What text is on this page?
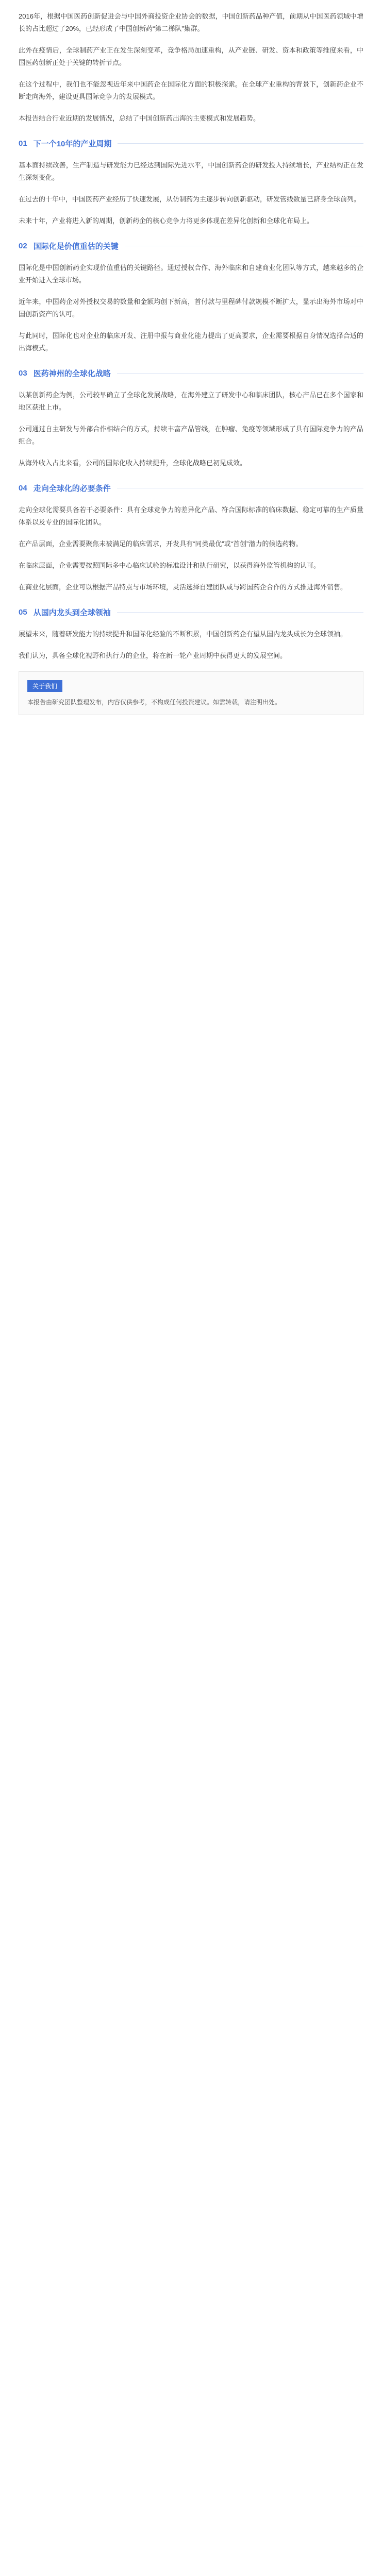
2016年，根据中国医药创新促进会与中国外商投资企业协会的数据，中国创新药品种产值，前期从中国医药领域中增长的占比超过了20%，已经形成了中国创新药“第二梯队”集群。

此外在疫情后，全球制药产业正在发生深刻变革，竞争格局加速重构，从产业链、研发、资本和政策等维度来看，中国医药创新正处于关键的转折节点。

在这个过程中，我们也不能忽视近年来中国药企在国际化方面的积极探索。在全球产业重构的背景下，创新药企业不断走向海外，建设更具国际竞争力的发展模式。

本报告结合行业近期的发展情况，总结了中国创新药出海的主要模式和发展趋势。

01 下一个10年的产业周期

基本面持续改善，生产制造与研发能力已经达到国际先进水平，中国创新药企的研发投入持续增长，产业结构正在发生深刻变化。

在过去的十年中，中国医药产业经历了快速发展，从仿制药为主逐步转向创新驱动，研发管线数量已跻身全球前列。

未来十年，产业将进入新的周期，创新药企的核心竞争力将更多体现在差异化创新和全球化布局上。

02 国际化是价值重估的关键

国际化是中国创新药企实现价值重估的关键路径。通过授权合作、海外临床和自建商业化团队等方式，越来越多的企业开始进入全球市场。

近年来，中国药企对外授权交易的数量和金额均创下新高，首付款与里程碑付款规模不断扩大，显示出海外市场对中国创新资产的认可。

与此同时，国际化也对企业的临床开发、注册申报与商业化能力提出了更高要求，企业需要根据自身情况选择合适的出海模式。

03 医药神州的全球化战略

以某创新药企为例，公司较早确立了全球化发展战略，在海外建立了研发中心和临床团队，核心产品已在多个国家和地区获批上市。

公司通过自主研发与外部合作相结合的方式，持续丰富产品管线，在肿瘤、免疫等领域形成了具有国际竞争力的产品组合。

从海外收入占比来看，公司的国际化收入持续提升，全球化战略已初见成效。

04 走向全球化的必要条件

走向全球化需要具备若干必要条件：具有全球竞争力的差异化产品、符合国际标准的临床数据、稳定可靠的生产质量体系以及专业的国际化团队。

在产品层面，企业需要聚焦未被满足的临床需求，开发具有“同类最优”或“首创”潜力的候选药物。

在临床层面，企业需要按照国际多中心临床试验的标准设计和执行研究，以获得海外监管机构的认可。

在商业化层面，企业可以根据产品特点与市场环境，灵活选择自建团队或与跨国药企合作的方式推进海外销售。

05 从国内龙头到全球领袖

展望未来，随着研发能力的持续提升和国际化经验的不断积累，中国创新药企有望从国内龙头成长为全球领袖。

我们认为，具备全球化视野和执行力的企业，将在新一轮产业周期中获得更大的发展空间。

关于我们

本报告由研究团队整理发布，内容仅供参考，不构成任何投资建议。如需转载，请注明出处。
